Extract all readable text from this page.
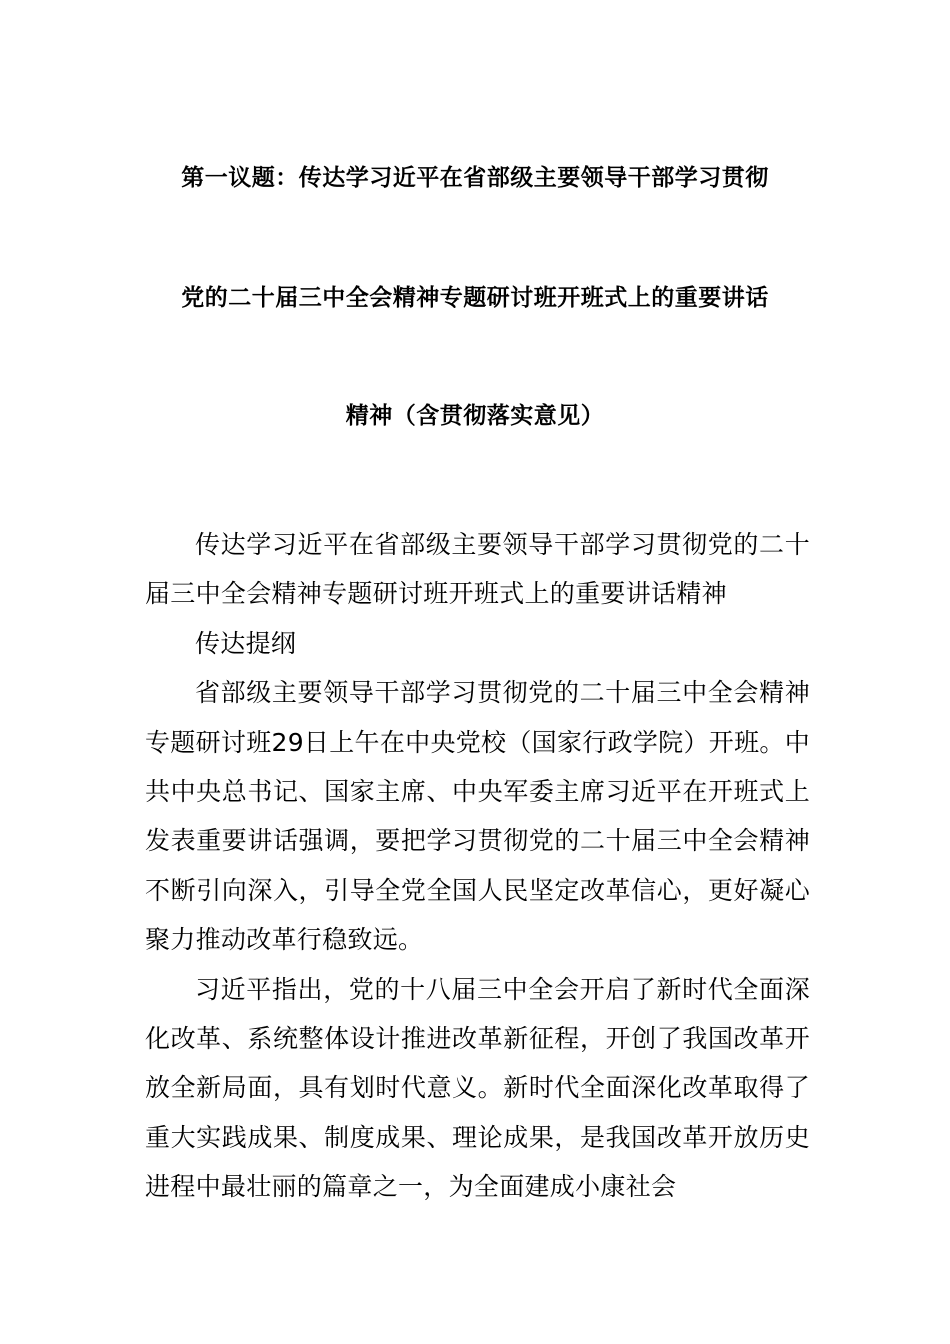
第一议题：传达学习近平在省部级主要领导干部学习贯彻
党的二十届三中全会精神专题研讨班开班式上的重要讲话
精神（含贯彻落实意见）

传达学习近平在省部级主要领导干部学习贯彻党的二十届三中全会精神专题研讨班开班式上的重要讲话精神

传达提纲

省部级主要领导干部学习贯彻党的二十届三中全会精神专题研讨班29日上午在中央党校（国家行政学院）开班。中共中央总书记、国家主席、中央军委主席习近平在开班式上发表重要讲话强调，要把学习贯彻党的二十届三中全会精神不断引向深入，引导全党全国人民坚定改革信心，更好凝心聚力推动改革行稳致远。

习近平指出，党的十八届三中全会开启了新时代全面深化改革、系统整体设计推进改革新征程，开创了我国改革开放全新局面，具有划时代意义。新时代全面深化改革取得了重大实践成果、制度成果、理论成果，是我国改革开放历史进程中最壮丽的篇章之一，为全面建成小康社会
